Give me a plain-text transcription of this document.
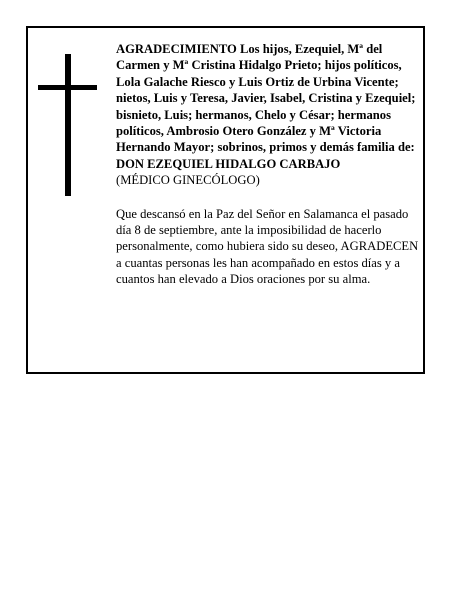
AGRADECIMIENTO Los hijos, Ezequiel, Mª del Carmen y Mª Cristina Hidalgo Prieto; hijos políticos, Lola Galache Riesco y Luis Ortiz de Urbina Vicente; nietos, Luis y Teresa, Javier, Isabel, Cristina y Ezequiel; bisnieto, Luis; hermanos, Chelo y César; hermanos políticos, Ambrosio Otero González y Mª Victoria Hernando Mayor; sobrinos, primos y demás familia de:

DON EZEQUIEL HIDALGO CARBAJO

(MÉDICO GINECÓLOGO)

Que descansó en la Paz del Señor en Salamanca el pasado día 8 de septiembre, ante la imposibilidad de hacerlo personalmente, como hubiera sido su deseo, AGRADECEN a cuantas personas les han acompañado en estos días y a cuantos han elevado a Dios oraciones por su alma.
